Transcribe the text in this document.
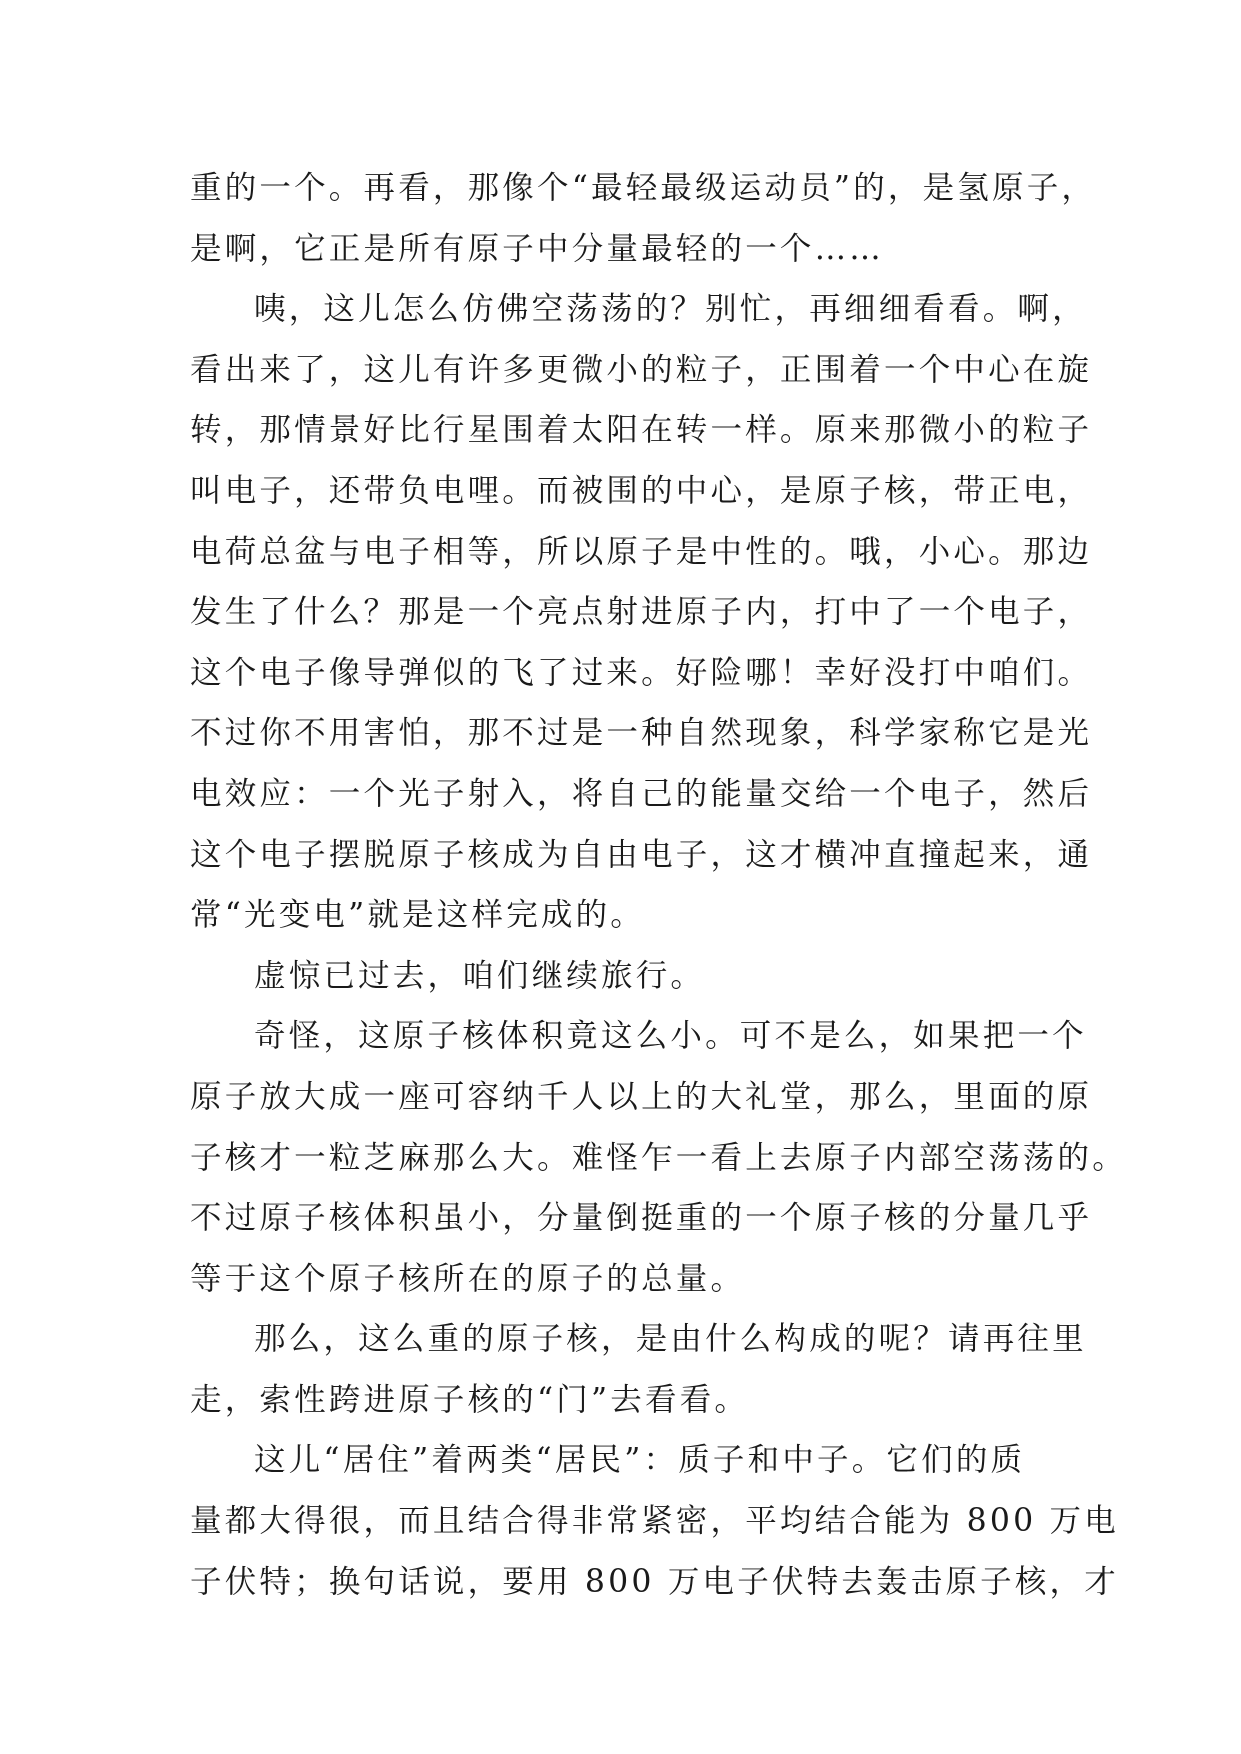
重的一个。再看，那像个“最轻最级运动员”的，是氢原子，
是啊，它正是所有原子中分量最轻的一个……
咦，这儿怎么仿佛空荡荡的？别忙，再细细看看。啊，
看出来了，这儿有许多更微小的粒子，正围着一个中心在旋
转，那情景好比行星围着太阳在转一样。原来那微小的粒子
叫电子，还带负电哩。而被围的中心，是原子核，带正电，
电荷总盆与电子相等，所以原子是中性的。哦，小心。那边
发生了什么？那是一个亮点射进原子内，打中了一个电子，
这个电子像导弹似的飞了过来。好险哪！幸好没打中咱们。
不过你不用害怕，那不过是一种自然现象，科学家称它是光
电效应：一个光子射入，将自己的能量交给一个电子，然后
这个电子摆脱原子核成为自由电子，这才横冲直撞起来，通
常“光变电”就是这样完成的。
虚惊已过去，咱们继续旅行。
奇怪，这原子核体积竟这么小。可不是么，如果把一个
原子放大成一座可容纳千人以上的大礼堂，那么，里面的原
子核才一粒芝麻那么大。难怪乍一看上去原子内部空荡荡的。
不过原子核体积虽小，分量倒挺重的一个原子核的分量几乎
等于这个原子核所在的原子的总量。
那么，这么重的原子核，是由什么构成的呢？请再往里
走，索性跨进原子核的“门”去看看。
这儿“居住”着两类“居民”：质子和中子。它们的质
量都大得很，而且结合得非常紧密，平均结合能为 800 万电
子伏特；换句话说，要用 800 万电子伏特去轰击原子核，才
